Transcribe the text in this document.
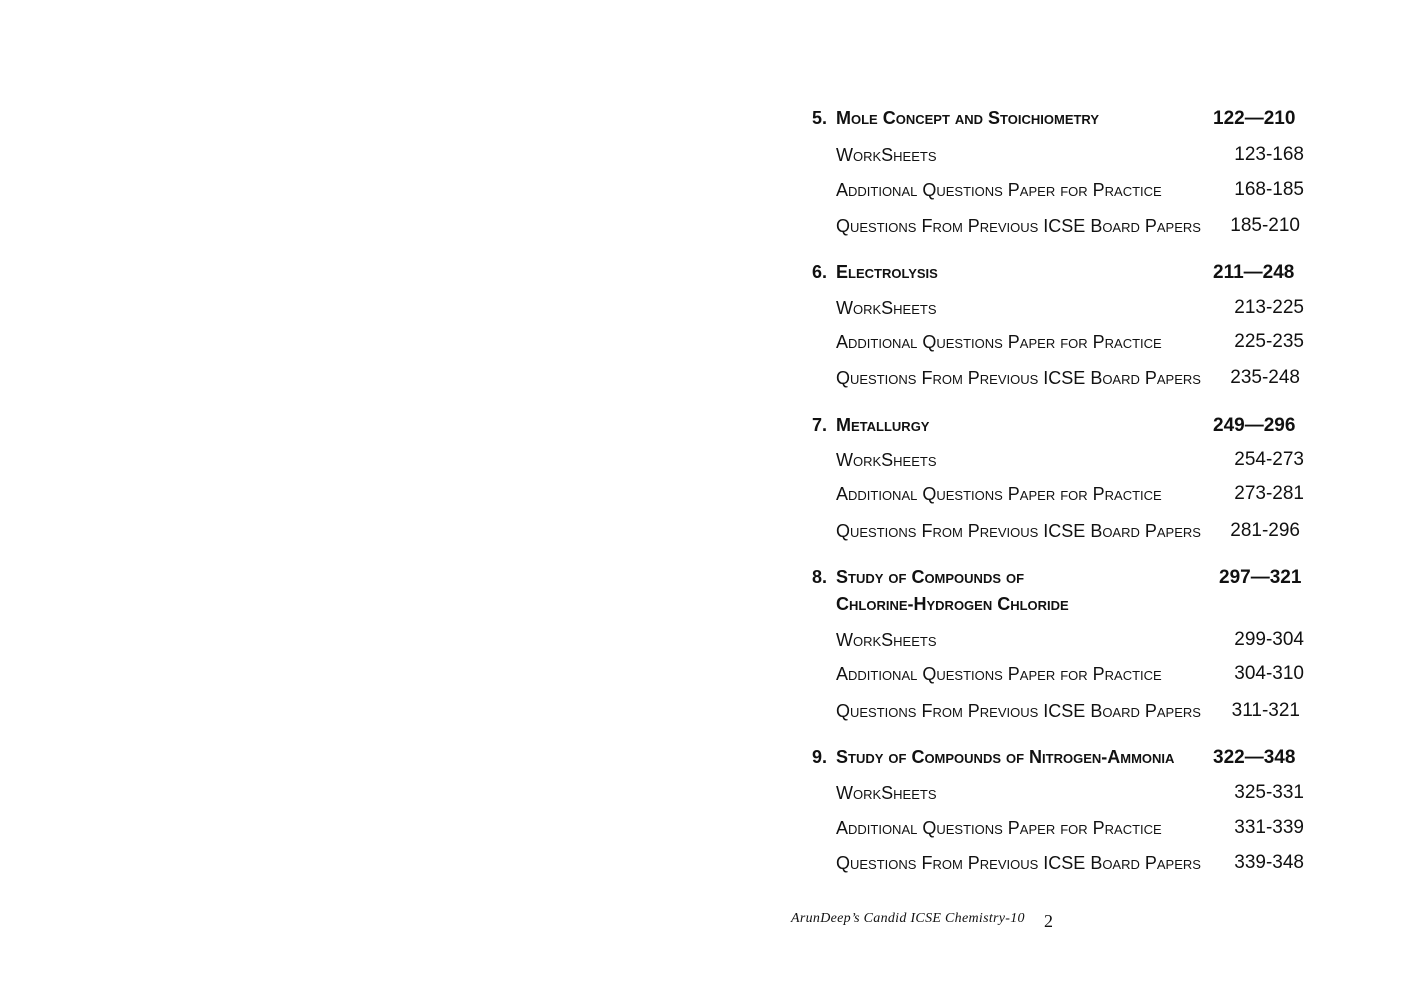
5. Mole Concept and Stoichiometry	122—210
WorkSheets	123-168
Additional Questions Paper for Practice	168-185
Questions From Previous ICSE Board Papers 185-210
6. Electrolysis	211—248
WorkSheets	213-225
Additional Questions Paper for Practice	225-235
Questions From Previous ICSE Board Papers 235-248
7. Metallurgy	249—296
WorkSheets	254-273
Additional Questions Paper for Practice	273-281
Questions From Previous ICSE Board Papers 281-296
8. Study of Compounds of
Chlorine-Hydrogen Chloride
297—321
WorkSheets	299-304
Additional Questions Paper for Practice	304-310
Questions From Previous ICSE Board Papers 311-321
9. Study of Compounds of Nitrogen-Ammonia 322—348
WorkSheets	325-331
Additional Questions Paper for Practice	331-339
Questions From Previous ICSE Board Papers 339-348
ArunDeep’s Candid ICSE Chemistry-10 2
